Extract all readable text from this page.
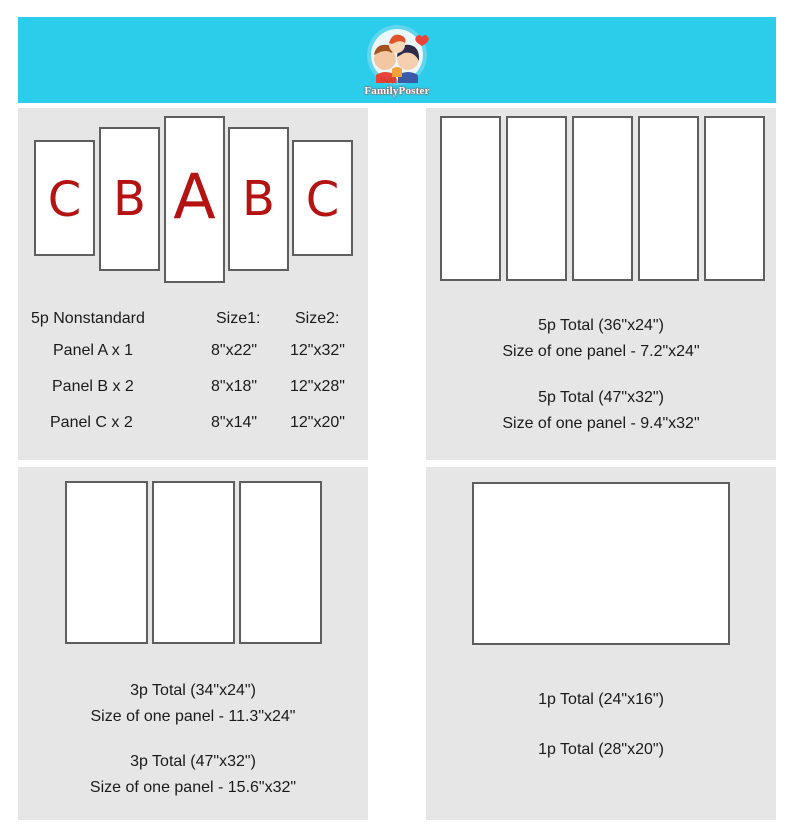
Happy
FamilyPoster
C B A B C
5p Nonstandard	Size1: Size2:
Panel A x 1	8"x22" 12"x32"
Panel B x 2	8"x18" 12"x28"
Panel C x 2	8"x14" 12"x20"
5p Total (36"x24")
Size of one panel - 7.2"x24"
5p Total (47"x32")
Size of one panel - 9.4"x32"
3p Total (34"x24")
Size of one panel - 11.3"x24"
3p Total (47"x32")
Size of one panel - 15.6"x32"
1p Total (24"x16")
1p Total (28"x20")
